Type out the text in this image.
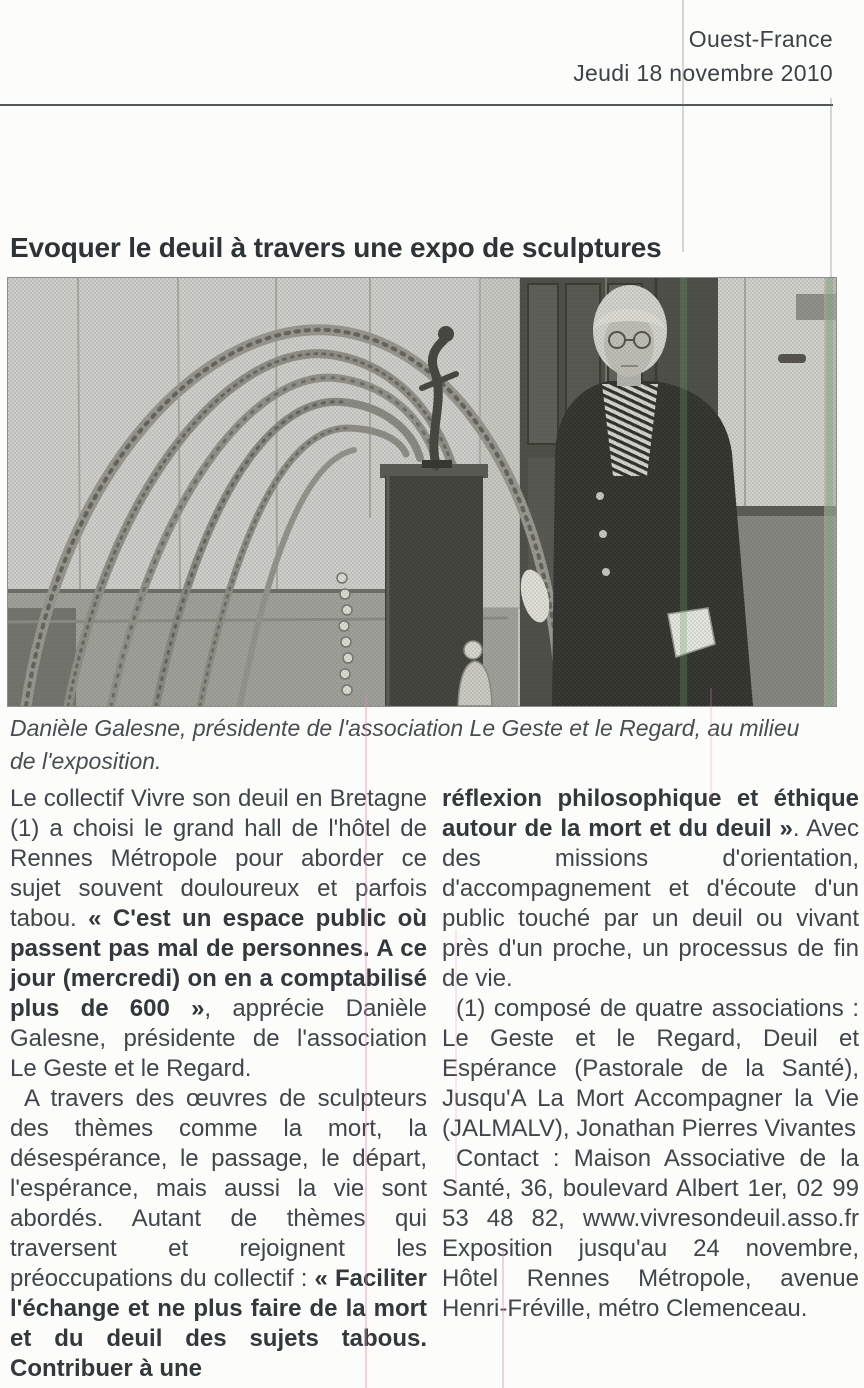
Ouest-France
Jeudi 18 novembre 2010
Evoquer le deuil à travers une expo de sculptures
Danièle Galesne, présidente de l'association Le Geste et le Regard, au milieu de l'exposition.

Le collectif Vivre son deuil en Bretagne (1) a choisi le grand hall de l'hôtel de Rennes Métropole pour aborder ce sujet souvent douloureux et parfois tabou. « C'est un espace public où passent pas mal de personnes. A ce jour (mercredi) on en a comptabilisé plus de 600 », apprécie Danièle Galesne, présidente de l'association Le Geste et le Regard.

A travers des œuvres de sculpteurs des thèmes comme la mort, la désespérance, le passage, le départ, l'espérance, mais aussi la vie sont abordés. Autant de thèmes qui traversent et rejoignent les préoccupations du collectif : « Faciliter l'échange et ne plus faire de la mort et du deuil des sujets tabous. Contribuer à une

réflexion philosophique et éthique autour de la mort et du deuil ». Avec des missions d'orientation, d'accompagnement et d'écoute d'un public touché par un deuil ou vivant près d'un proche, un processus de fin de vie.

(1) composé de quatre associations : Le Geste et le Regard, Deuil et Espérance (Pastorale de la Santé), Jusqu'A La Mort Accompagner la Vie (JALMALV), Jonathan Pierres Vivantes

Contact : Maison Associative de la Santé, 36, boulevard Albert 1er, 02 99 53 48 82, www.vivresondeuil.asso.fr Exposition jusqu'au 24 novembre, Hôtel Rennes Métropole, avenue Henri-Fréville, métro Clemenceau.
